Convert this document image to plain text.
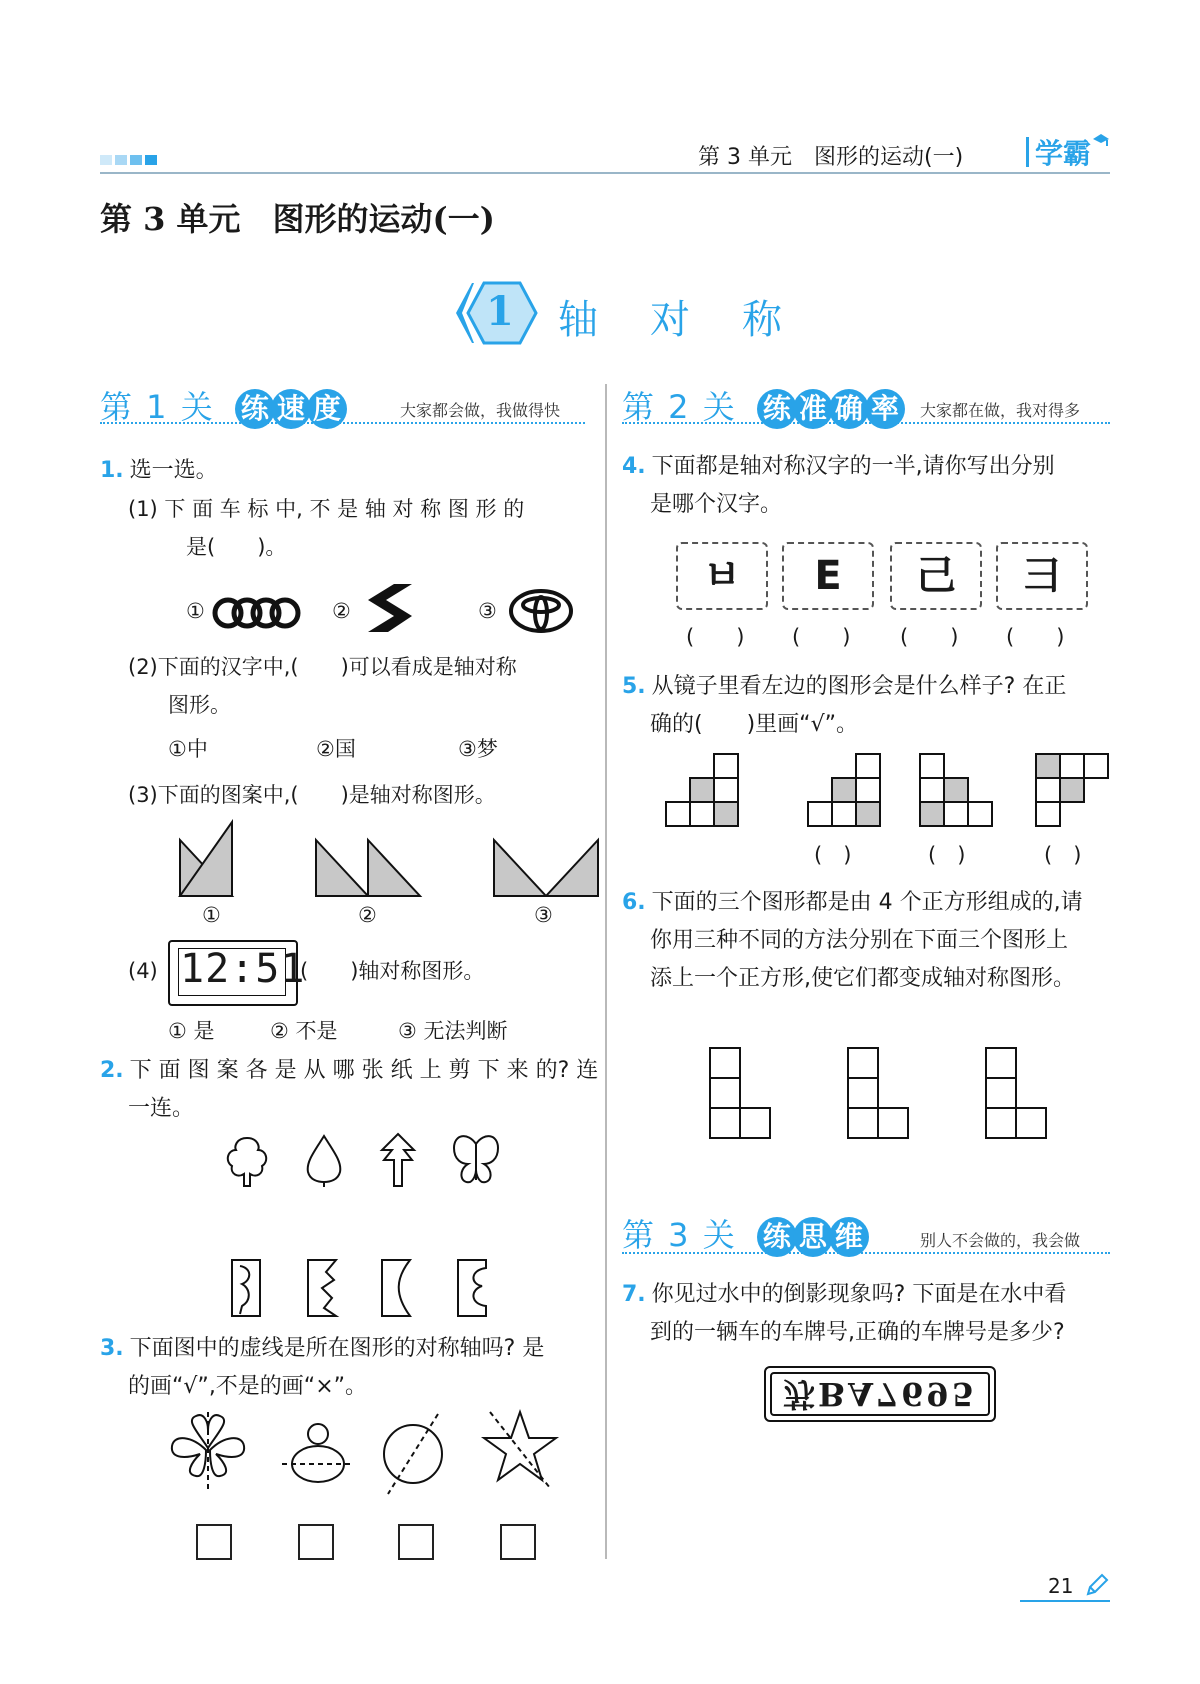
第 3 单元　图形的运动(一)	学霸
第 3 单元　图形的运动(一)
1 轴　对　称
第 1 关 练 速 度	大家都会做，我做得快
1. 选一选。
(1) 下 面 车 标 中, 不 是 轴 对 称 图 形 的
是(　　)。
①	②	③
(2)下面的汉字中,(　　)可以看成是轴对称
图形。
①中	②国	③梦
(3)下面的图案中,(　　)是轴对称图形。
①	②	③
(4) 12:51
(　　)轴对称图形。
① 是	② 不是	③ 无法判断
2. 下 面 图 案 各 是 从 哪 张 纸 上 剪 下 来 的? 连
一连。
3. 下面图中的虚线是所在图形的对称轴吗? 是
的画“√”,不是的画“×”。
第 2 关 练 准 确 率 大家都在做，我对得多
4. 下面都是轴对称汉字的一半,请你写出分别
是哪个汉字。
ㅂ	E	己	彐
(　　) (　　) (　　) (　　)
5. 从镜子里看左边的图形会是什么样子? 在正
确的(　　)里画“√”。
(　)	(　)	(　)
6. 下面的三个图形都是由 4 个正方形组成的,请
你用三种不同的方法分别在下面三个图形上
添上一个正方形,使它们都变成轴对称图形。
第 3 关 练 思 维	别人不会做的，我会做
7. 你见过水中的倒影现象吗? 下面是在水中看
到的一辆车的车牌号,正确的车牌号是多少?
苏BA7695
21
